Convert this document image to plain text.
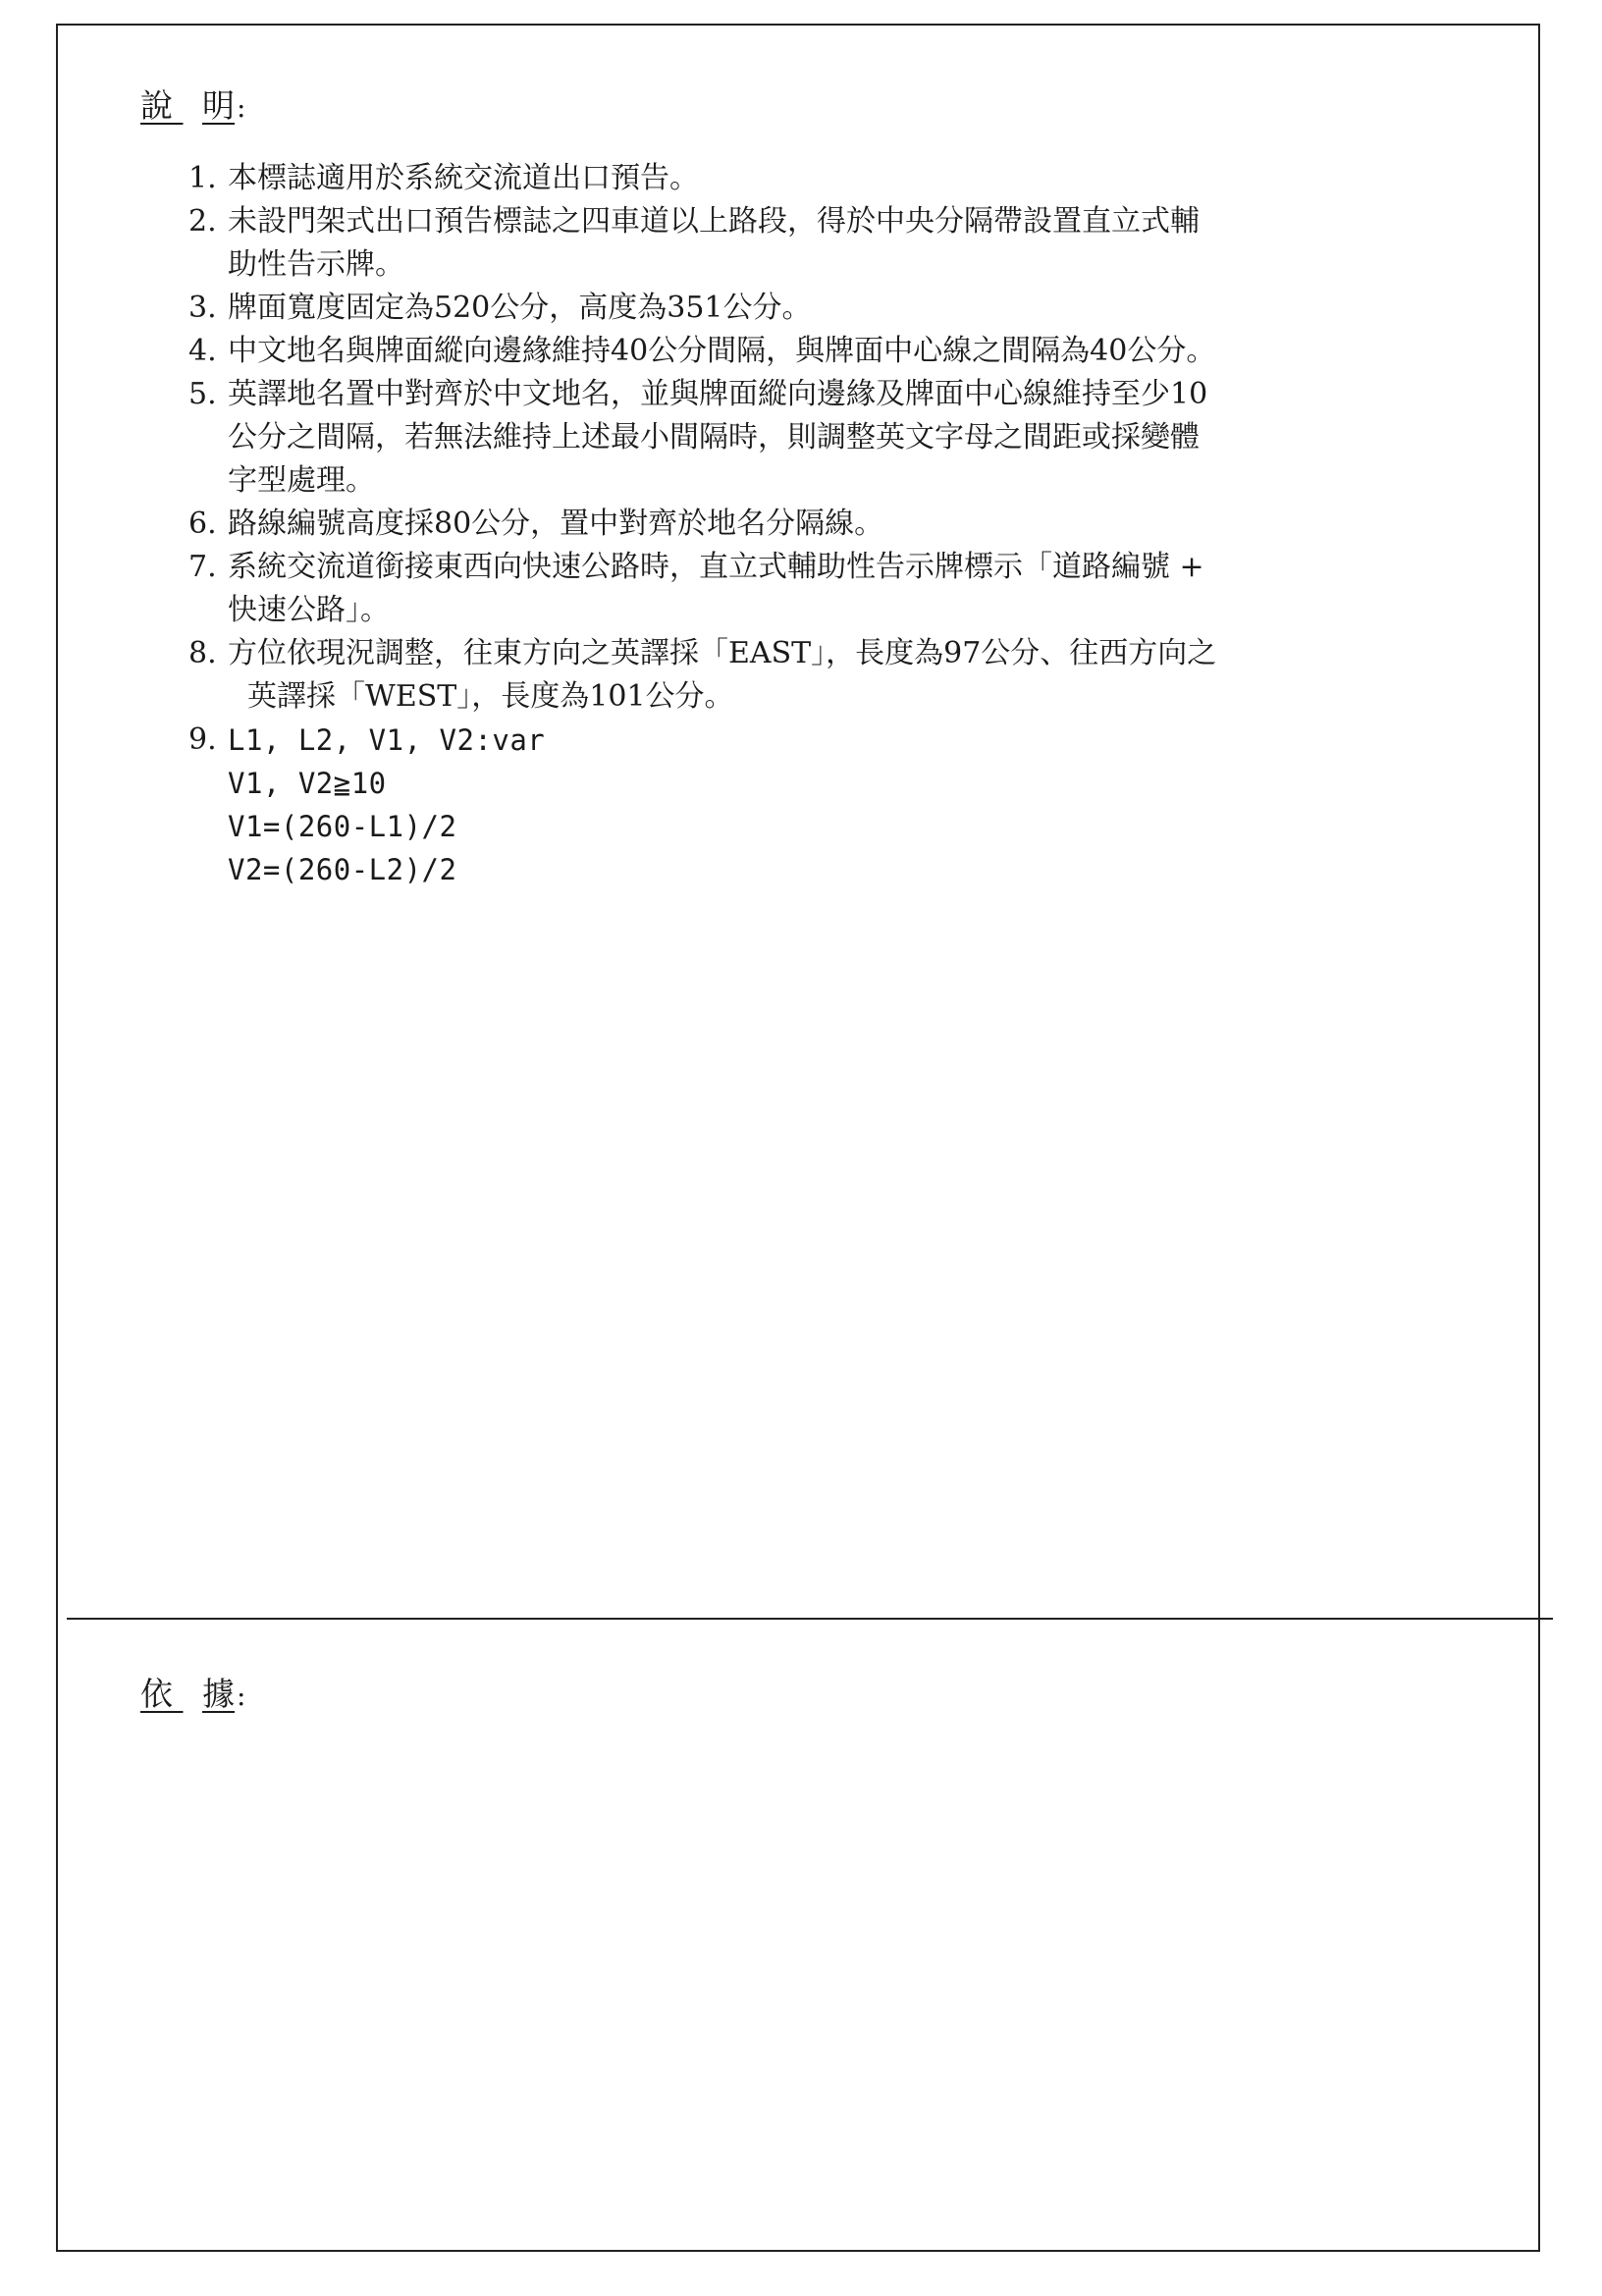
說
明 :
1. 本標誌適用於系統交流道出口預告。
2. 未設門架式出口預告標誌之四車道以上路段，得於中央分隔帶設置直立式輔
助性告示牌。
3. 牌面寬度固定為520公分，高度為351公分。
4. 中文地名與牌面縱向邊緣維持40公分間隔，與牌面中心線之間隔為40公分。
5. 英譯地名置中對齊於中文地名，並與牌面縱向邊緣及牌面中心線維持至少10
公分之間隔，若無法維持上述最小間隔時，則調整英文字母之間距或採變體
字型處理。
6. 路線編號高度採80公分，置中對齊於地名分隔線。
7. 系統交流道銜接東西向快速公路時，直立式輔助性告示牌標示「道路編號 +
快速公路」。
8. 方位依現況調整，往東方向之英譯採「EAST」，長度為97公分、往西方向之
英譯採「WEST」，長度為101公分。
9. L1, L2, V1, V2:var
V1, V2≧10
V1=(260-L1)/2
V2=(260-L2)/2
依
據 :
